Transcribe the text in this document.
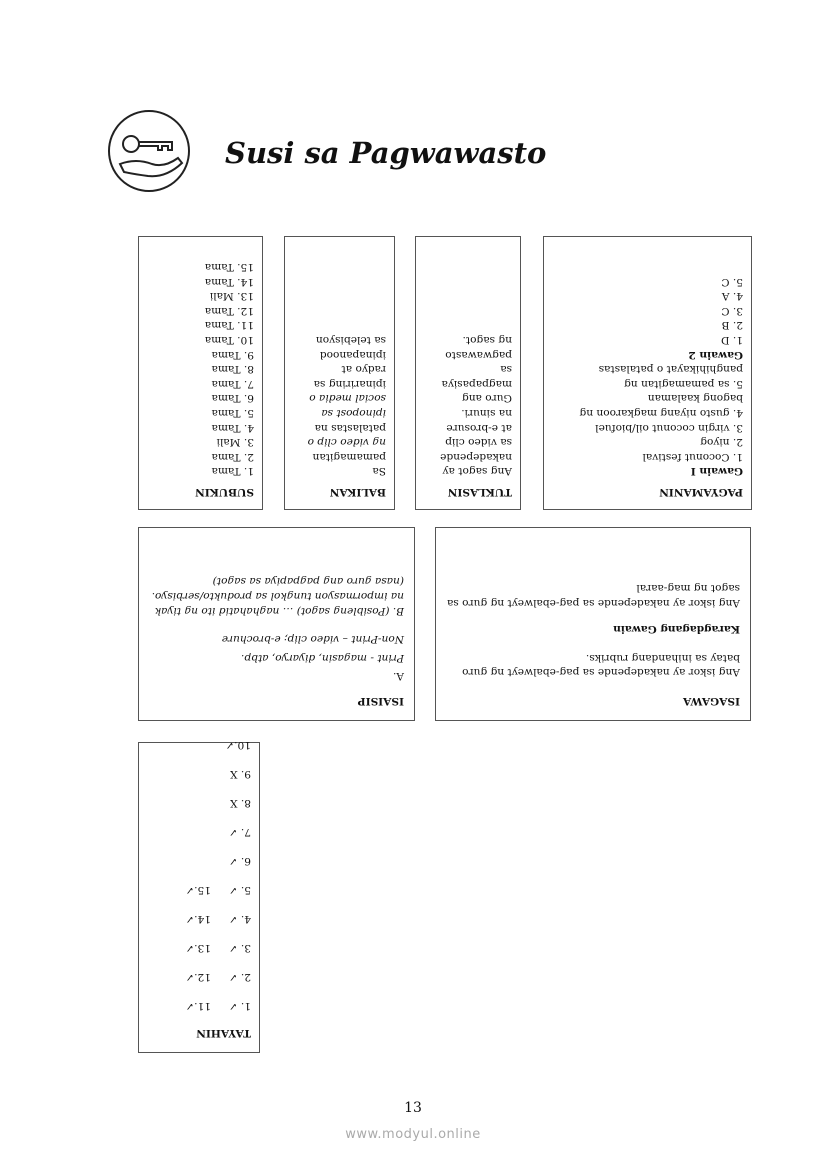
Susi sa Pagwawasto
PAGYAMANIN

Gawain I

1. Coconut festival

2. niyog

3. virgin coconut oil/biofuel

4. gusto niyang magkaroon ng

bagong kaalaman

5. sa pamamagitan ng

panghihikayat o patalastas

Gawain 2

1. D

2. B

3. C

4. A

5. C

TUKLASIN

Ang sagot ay

nakadepende

sa video clip

at e-brosure

na sinuri.

Guro ang

magpapasiya

sa

pagwawasto

ng sagot.

BALIKAN

Sa

pamamagitan

ng video clip o

patalastas na

ipinopost sa

social media o

ipinariring sa

radyo at

ipinapanood

sa telebisyon

SUBUKIN

1. Tama

2. Tama

3. Mali

4. Tama

5. Tama

6. Tama

7. Tama

8. Tama

9. Tama

10. Tama

11. Tama

12. Tama

13. Mali

14. Tama

15. Tama

ISAGAWA

Ang iskor ay nakadepende sa pag-ebalweyt ng guro batay sa inihandang rubriks.

Karagdagang Gawain

Ang iskor ay nakadepende sa pag-ebalweyt ng guro sa sagot ng mag-aaral

ISAISIP

A.

Print - magasin, diyaryo, atbp.

Non-Print – video clip; e-brochure

B. (Posibleng sagot) … naghahatid ito ng tiyak na impormasyon tungkol sa produkto/serbisyo. (nasa guro ang pagpapiya sa sagot)

TAYAHIN
1. ✓
11.✓
2. ✓
12.✓
3. ✓
13.✓
4. ✓
14.✓
5. ✓
15.✓
6. ✓
7. ✓
8. X
9. X
10.✓
13
www.modyul.online
